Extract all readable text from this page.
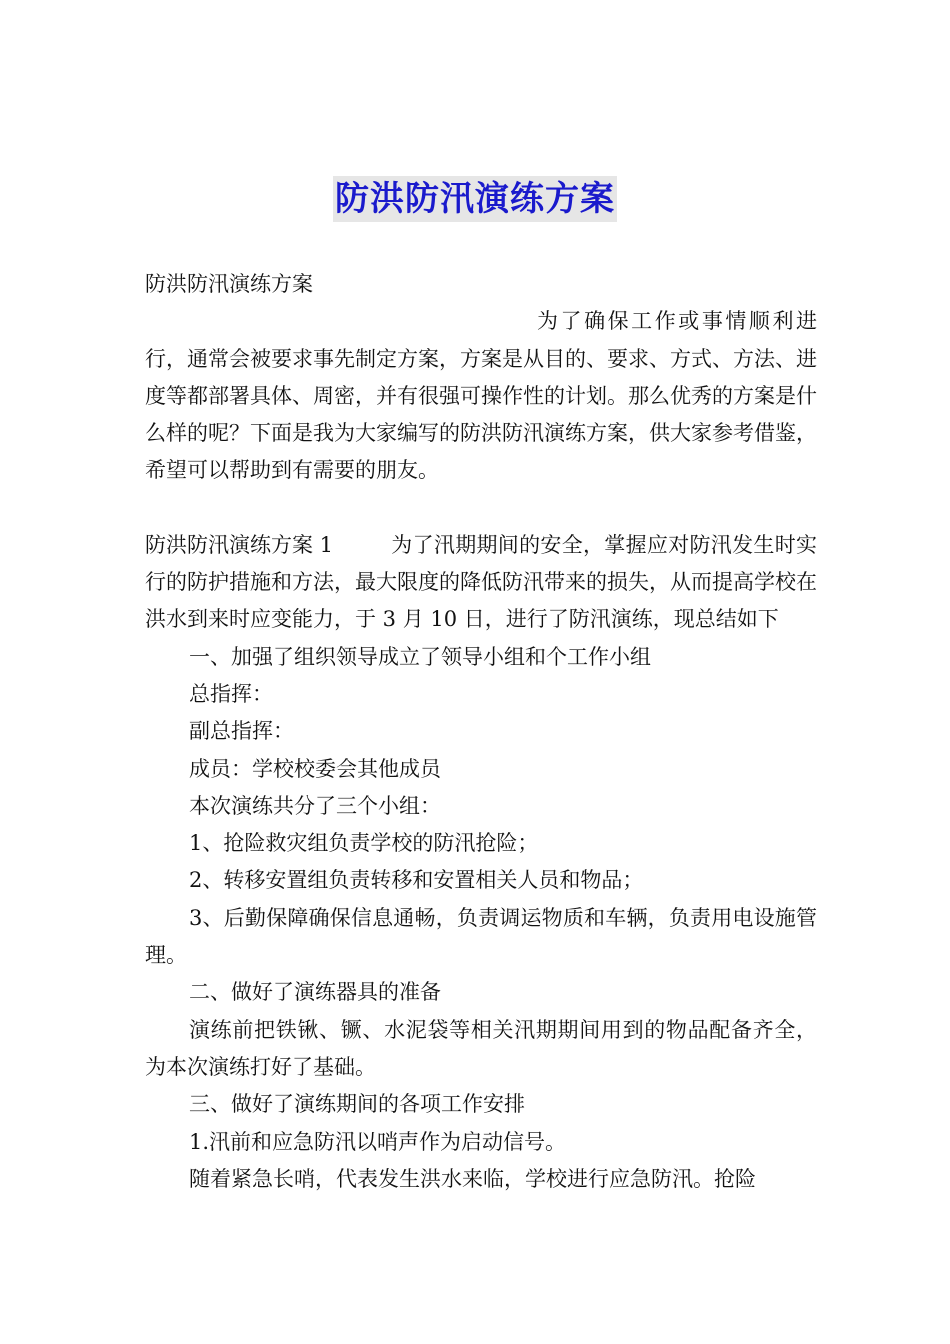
防洪防汛演练方案

防洪防汛演练方案

为了确保工作或事情顺利进行，通常会被要求事先制定方案，方案是从目的、要求、方式、方法、进度等都部署具体、周密，并有很强可操作性的计划。那么优秀的方案是什么样的呢？下面是我为大家编写的防洪防汛演练方案，供大家参考借鉴，希望可以帮助到有需要的朋友。

防洪防汛演练方案 1	为了汛期期间的安全，掌握应对防汛发生时实行的防护措施和方法，最大限度的降低防汛带来的损失，从而提高学校在洪水到来时应变能力，于 3 月 10 日，进行了防汛演练，现总结如下

一、加强了组织领导成立了领导小组和个工作小组

总指挥：

副总指挥：

成员：学校校委会其他成员

本次演练共分了三个小组：

1、抢险救灾组负责学校的防汛抢险；

2、转移安置组负责转移和安置相关人员和物品；

3、后勤保障确保信息通畅，负责调运物质和车辆，负责用电设施管理。

二、做好了演练器具的准备

演练前把铁锹、镢、水泥袋等相关汛期期间用到的物品配备齐全，为本次演练打好了基础。

三、做好了演练期间的各项工作安排

1.汛前和应急防汛以哨声作为启动信号。

随着紧急长哨，代表发生洪水来临，学校进行应急防汛。抢险
